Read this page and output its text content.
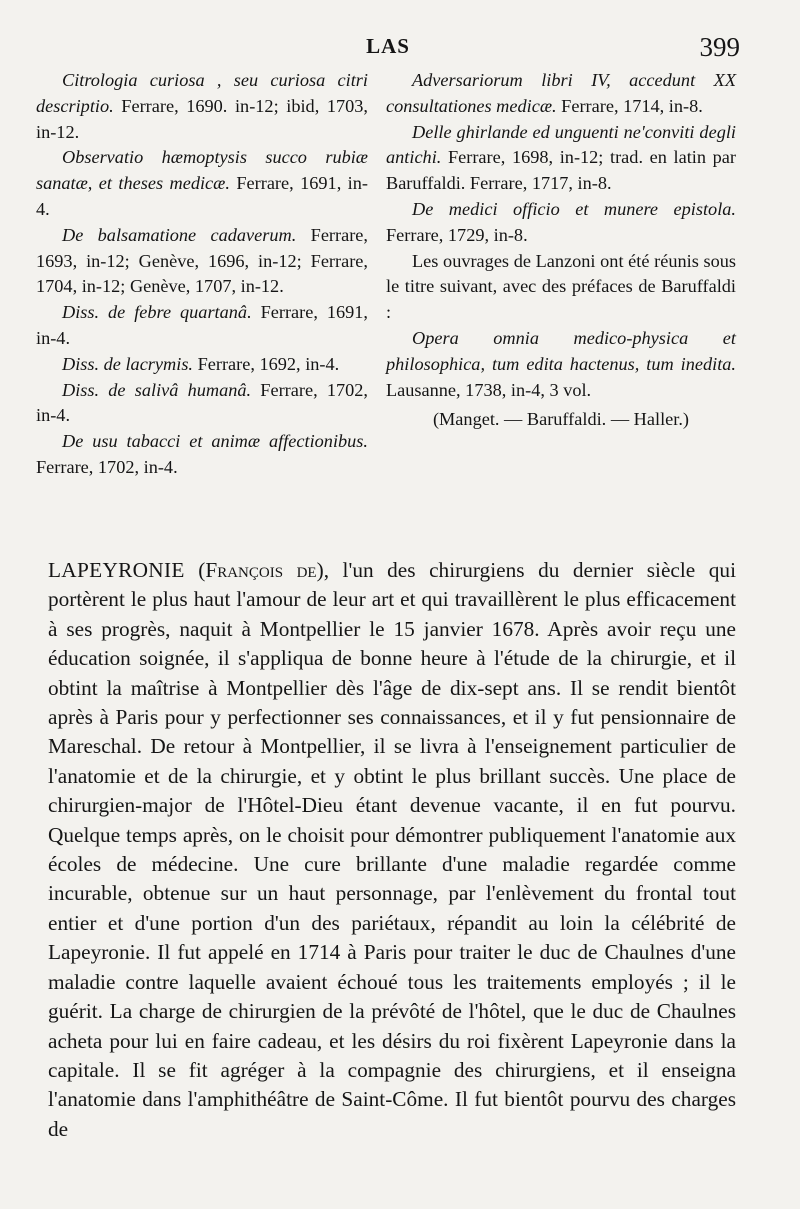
LAS	399

Citrologia curiosa , seu curiosa citri descriptio. Ferrare, 1690. in-12; ibid, 1703, in-12.

Observatio hæmoptysis succo rubiæ sanatæ, et theses medicæ. Ferrare, 1691, in-4.

De balsamatione cadaverum. Ferrare, 1693, in-12; Genève, 1696, in-12; Ferrare, 1704, in-12; Genève, 1707, in-12.

Diss. de febre quartanâ. Ferrare, 1691, in-4.

Diss. de lacrymis. Ferrare, 1692, in-4.

Diss. de salivâ humanâ. Ferrare, 1702, in-4.

De usu tabacci et animæ affectionibus. Ferrare, 1702, in-4.

Adversariorum libri IV, accedunt XX consultationes medicæ. Ferrare, 1714, in-8.

Delle ghirlande ed unguenti ne'conviti degli antichi. Ferrare, 1698, in-12; trad. en latin par Baruffaldi. Ferrare, 1717, in-8.

De medici officio et munere epistola. Ferrare, 1729, in-8.

Les ouvrages de Lanzoni ont été réunis sous le titre suivant, avec des préfaces de Baruffaldi :

Opera omnia medico-physica et philosophica, tum edita hactenus, tum inedita. Lausanne, 1738, in-4, 3 vol.

(Manget. — Baruffaldi. — Haller.)

LAPEYRONIE (François de), l'un des chirurgiens du dernier siècle qui portèrent le plus haut l'amour de leur art et qui travaillèrent le plus efficacement à ses progrès, naquit à Montpellier le 15 janvier 1678. Après avoir reçu une éducation soignée, il s'appliqua de bonne heure à l'étude de la chirurgie, et il obtint la maîtrise à Montpellier dès l'âge de dix-sept ans. Il se rendit bientôt après à Paris pour y perfectionner ses connaissances, et il y fut pensionnaire de Mareschal. De retour à Montpellier, il se livra à l'enseignement particulier de l'anatomie et de la chirurgie, et y obtint le plus brillant succès. Une place de chirurgien-major de l'Hôtel-Dieu étant devenue vacante, il en fut pourvu. Quelque temps après, on le choisit pour démontrer publiquement l'anatomie aux écoles de médecine. Une cure brillante d'une maladie regardée comme incurable, obtenue sur un haut personnage, par l'enlèvement du frontal tout entier et d'une portion d'un des pariétaux, répandit au loin la célébrité de Lapeyronie. Il fut appelé en 1714 à Paris pour traiter le duc de Chaulnes d'une maladie contre laquelle avaient échoué tous les traitements employés ; il le guérit. La charge de chirurgien de la prévôté de l'hôtel, que le duc de Chaulnes acheta pour lui en faire cadeau, et les désirs du roi fixèrent Lapeyronie dans la capitale. Il se fit agréger à la compagnie des chirurgiens, et il enseigna l'anatomie dans l'amphithéâtre de Saint-Côme. Il fut bientôt pourvu des charges de
